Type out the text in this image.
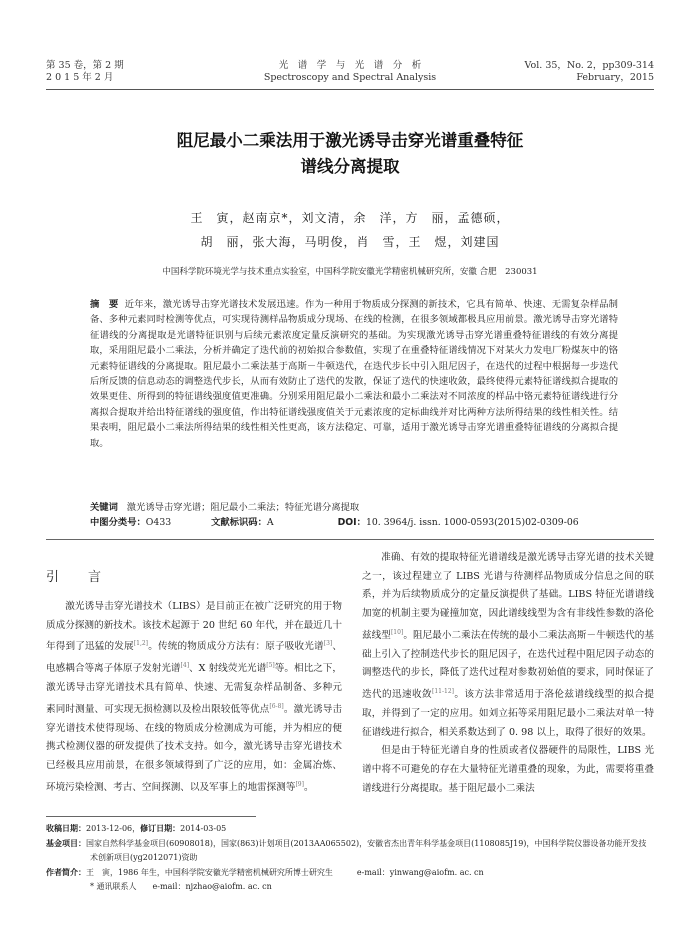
第 35 卷，第 2 期
2 0 1 5 年 2 月
光　谱　学　与　光　谱　分　析
Spectroscopy and Spectral Analysis
Vol. 35，No. 2，pp309-314
February，2015
阻尼最小二乘法用于激光诱导击穿光谱重叠特征
谱线分离提取
王　寅，赵南京*，刘文清，余　洋，方　丽，孟德硕，
胡　丽，张大海，马明俊，肖　雪，王　煜，刘建国
中国科学院环境光学与技术重点实验室，中国科学院安徽光学精密机械研究所，安徽 合肥　230031
摘　要 近年来，激光诱导击穿光谱技术发展迅速。作为一种用于物质成分探测的新技术，它具有简单、快速、无需复杂样品制备、多种元素同时检测等优点，可实现待测样品物质成分现场、在线的检测，在很多领域都极具应用前景。激光诱导击穿光谱特征谱线的分离提取是光谱特征识别与后续元素浓度定量反演研究的基础。为实现激光诱导击穿光谱重叠特征谱线的有效分离提取，采用阻尼最小二乘法，分析并确定了迭代前的初始拟合参数值，实现了在重叠特征谱线情况下对某火力发电厂粉煤灰中的铬元素特征谱线的分离提取。阻尼最小二乘法基于高斯－牛顿迭代，在迭代步长中引入阻尼因子，在迭代的过程中根据每一步迭代后所反馈的信息动态的调整迭代步长，从而有效防止了迭代的发散，保证了迭代的快速收敛，最终使得元素特征谱线拟合提取的效果更佳、所得到的特征谱线强度值更准确。分别采用阻尼最小二乘法和最小二乘法对不同浓度的样品中铬元素特征谱线进行分离拟合提取并给出特征谱线的强度值，作出特征谱线强度值关于元素浓度的定标曲线并对比两种方法所得结果的线性相关性。结果表明，阻尼最小二乘法所得结果的线性相关性更高，该方法稳定、可靠，适用于激光诱导击穿光谱重叠特征谱线的分离拟合提取。
关键词 激光诱导击穿光谱；阻尼最小二乘法；特征光谱分离提取
中图分类号：O433	文献标识码：A	DOI：10. 3964/j. issn. 1000-0593(2015)02-0309-06
引　言

激光诱导击穿光谱技术（LIBS）是目前正在被广泛研究的用于物质成分探测的新技术。该技术起源于 20 世纪 60 年代，并在最近几十年得到了迅猛的发展[1,2]。传统的物质成分方法有：原子吸收光谱[3]、电感耦合等离子体原子发射光谱[4]、X 射线荧光光谱[5]等。相比之下，激光诱导击穿光谱技术具有简单、快速、无需复杂样品制备、多种元素同时测量、可实现无损检测以及检出限较低等优点[6-8]。激光诱导击穿光谱技术使得现场、在线的物质成分检测成为可能，并为相应的便携式检测仪器的研发提供了技术支持。如今，激光诱导击穿光谱技术已经极具应用前景，在很多领域得到了广泛的应用，如：金属冶炼、环境污染检测、考古、空间探测、以及军事上的地雷探测等[9]。

准确、有效的提取特征光谱谱线是激光诱导击穿光谱的技术关键之一，该过程建立了 LIBS 光谱与待测样品物质成分信息之间的联系，并为后续物质成分的定量反演提供了基础。LIBS 特征光谱谱线加宽的机制主要为碰撞加宽，因此谱线线型为含有非线性参数的洛伦兹线型[10]。阻尼最小二乘法在传统的最小二乘法高斯－牛顿迭代的基础上引入了控制迭代步长的阻尼因子，在迭代过程中阻尼因子动态的调整迭代的步长，降低了迭代过程对参数初始值的要求，同时保证了迭代的迅速收敛[11-12]。该方法非常适用于洛伦兹谱线线型的拟合提取，并得到了一定的应用。如刘立拓等采用阻尼最小二乘法对单一特征谱线进行拟合，相关系数达到了 0. 98 以上，取得了很好的效果。

但是由于特征光谱自身的性质或者仪器硬件的局限性，LIBS 光谱中将不可避免的存在大量特征光谱重叠的现象，为此，需要将重叠谱线进行分离提取。基于阻尼最小二乘法

收稿日期：2013-12-06，修订日期：2014-03-05
基金项目：国家自然科学基金项目(60908018)，国家(863)计划项目(2013AA065502)，安徽省杰出青年科学基金项目(1108085J19)，中国科学院仪器设备功能开发技术创新项目(yg2012071)资助
作者简介：王　寅，1986 年生，中国科学院安徽光学精密机械研究所博士研究生　　　e-mail：yinwang@aiofm. ac. cn
* 通讯联系人　　e-mail：njzhao@aiofm. ac. cn
